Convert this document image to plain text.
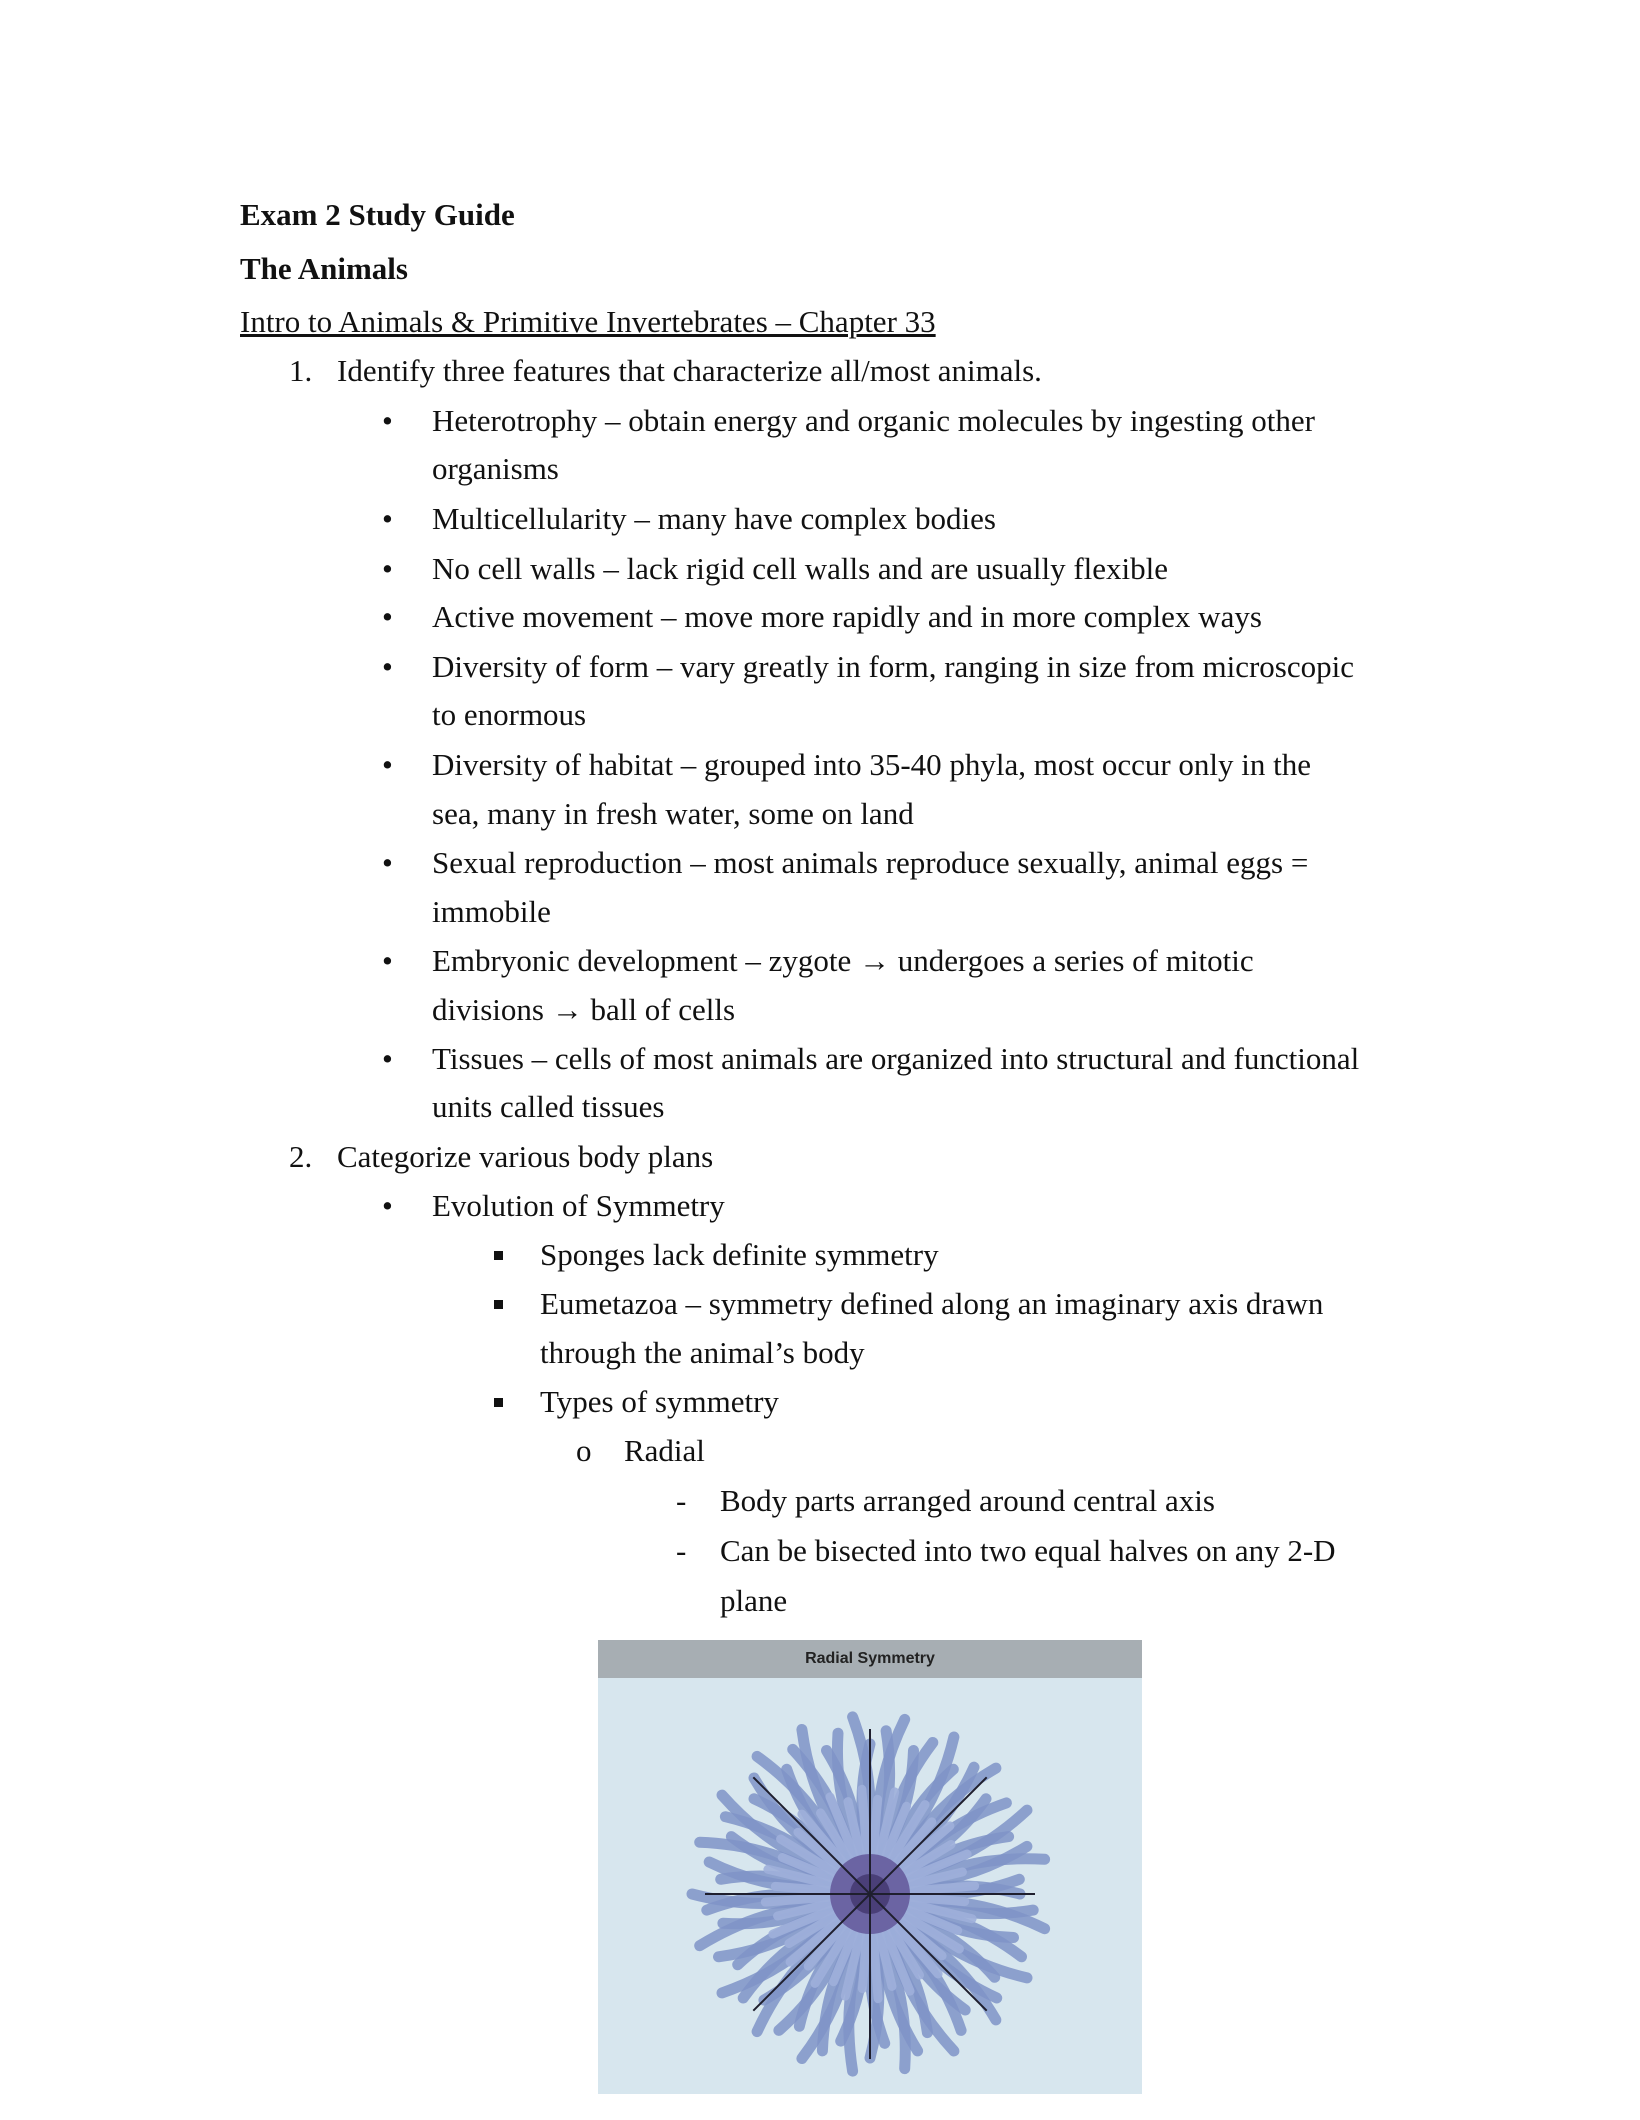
Exam 2 Study Guide
The Animals
Intro to Animals & Primitive Invertebrates – Chapter 33
1. Identify three features that characterize all/most animals.
• Heterotrophy – obtain energy and organic molecules by ingesting other
organisms
• Multicellularity – many have complex bodies
• No cell walls – lack rigid cell walls and are usually flexible
• Active movement – move more rapidly and in more complex ways
• Diversity of form – vary greatly in form, ranging in size from microscopic
to enormous
• Diversity of habitat – grouped into 35-40 phyla, most occur only in the
sea, many in fresh water, some on land
• Sexual reproduction – most animals reproduce sexually, animal eggs =
immobile
• Embryonic development – zygote → undergoes a series of mitotic
divisions → ball of cells
• Tissues – cells of most animals are organized into structural and functional
units called tissues
2. Categorize various body plans
• Evolution of Symmetry
Sponges lack definite symmetry
Eumetazoa – symmetry defined along an imaginary axis drawn
through the animal’s body
Types of symmetry
o Radial
- Body parts arranged around central axis
- Can be bisected into two equal halves on any 2-D
plane
Radial Symmetry
